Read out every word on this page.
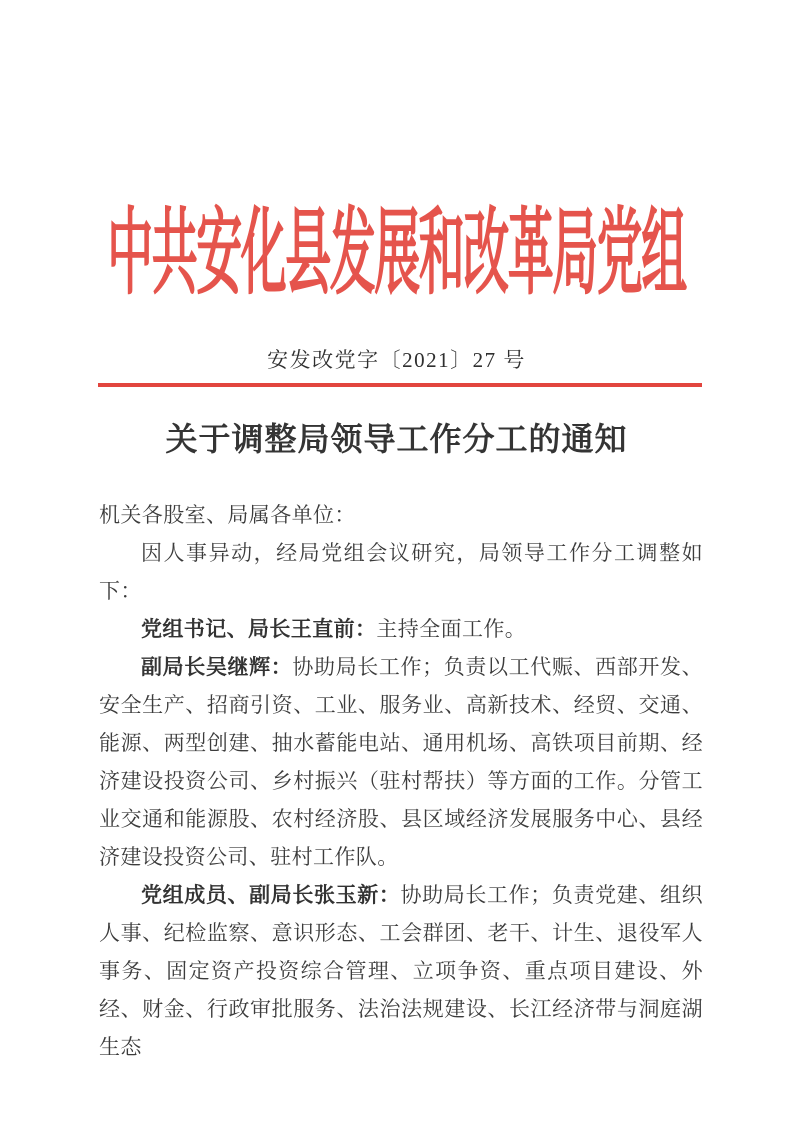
中共安化县发展和改革局党组
安发改党字〔2021〕27 号
关于调整局领导工作分工的通知

机关各股室、局属各单位：

因人事异动，经局党组会议研究，局领导工作分工调整如下：

党组书记、局长王直前：主持全面工作。

副局长吴继辉：协助局长工作；负责以工代赈、西部开发、安全生产、招商引资、工业、服务业、高新技术、经贸、交通、能源、两型创建、抽水蓄能电站、通用机场、高铁项目前期、经济建设投资公司、乡村振兴（驻村帮扶）等方面的工作。分管工业交通和能源股、农村经济股、县区域经济发展服务中心、县经济建设投资公司、驻村工作队。

党组成员、副局长张玉新：协助局长工作；负责党建、组织人事、纪检监察、意识形态、工会群团、老干、计生、退役军人事务、固定资产投资综合管理、立项争资、重点项目建设、外经、财金、行政审批服务、法治法规建设、长江经济带与洞庭湖生态
